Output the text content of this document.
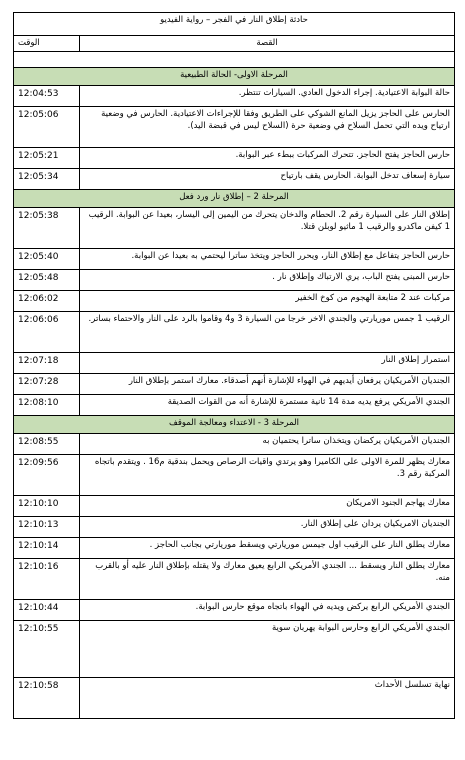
حادثة إطلاق النار في الفجر – رواية الفيديو	
الوقت	القصة

المرحلة الاولى- الحالة الطبيعية	
12:04:53	حالة البوابة الاعتيادية. إجراء الدخول العادي. السيارات تنتظر.
12:05:06	الحارس على الحاجز يزيل المانع الشوكي على الطريق وفقا للإجراءات الاعتيادية. الحارس في وضعية ارتياح ويده التي تحمل السلاح في وضعية حرة (السلاح ليس في قبضة اليد).
12:05:21	حارس الحاجز يفتح الحاجز. تتحرك المركبات ببطء عبر البوابة.
12:05:34	سيارة إسعاف تدخل البوابة. الحارس يقف بارتياح
المرحلة 2 – إطلاق نار ورد فعل	
12:05:38	إطلاق النار على السيارة رقم 2. الحطام والدخان يتحرك من اليمين إلى اليسار، بعيدا عن البوابة. الرقيب 1 كيفن ماكدرو والرقيب 1 ماثيو لوبلن قتلا.
12:05:40	حارس الحاجز يتفاعل مع إطلاق النار، ويحرر الحاجز ويتخذ ساترا ليحتمي به بعيدا عن البوابة.
12:05:48	حارس المبنى يفتح الباب، يري الارتباك وإطلاق نار .
12:06:02	مركبات عند 2 متابعة الهجوم من كوخ الخفير
12:06:06	الرقيب 1 جمس موريارتي والجندي الاخر خرجا من السيارة 3 و4 وقاموا بالرد على النار والاحتماء بساتر.
12:07:18	استمرار إطلاق النار
12:07:28	الجنديان الأمريكيان يرفعان أيديهم في الهواء للإشارة أنهم أصدقاء. معارك استمر بإطلاق النار
12:08:10	الجندي الأمريكي يرفع يديه مدة 14 ثانية مستمرة للإشارة أنه من القوات الصديقة
المرحلة 3 - الاعتداء ومعالجة الموقف	
12:08:55	الجنديان الأمريكيان يركضان ويتخذان ساترا يحتميان به
12:09:56	معارك يظهر للمرة الاولى على الكاميرا وهو يرتدي واقيات الرصاص ويحمل بندقية م16 . ويتقدم باتجاه المركبة رقم 3.
12:10:10	معارك يهاجم الجنود الامريكان
12:10:13	الجنديان الامريكيان يردان على إطلاق النار.
12:10:14	معارك يطلق النار على الرقيب اول جيمس موريارتي ويسقط موريارتي بجانب الحاجز .
12:10:16	معارك يطلق النار ويسقط ... الجندي الأمريكي الرابع يعيق معارك ولا يقتله بإطلاق النار عليه أو بالقرب منه.
12:10:44	الجندي الأمريكي الرابع يركض ويديه في الهواء باتجاه موقع حارس البوابة.
12:10:55	الجندي الأمريكي الرابع وحارس البوابة يهربان سوية
12:10:58	نهاية تسلسل الأحداث
